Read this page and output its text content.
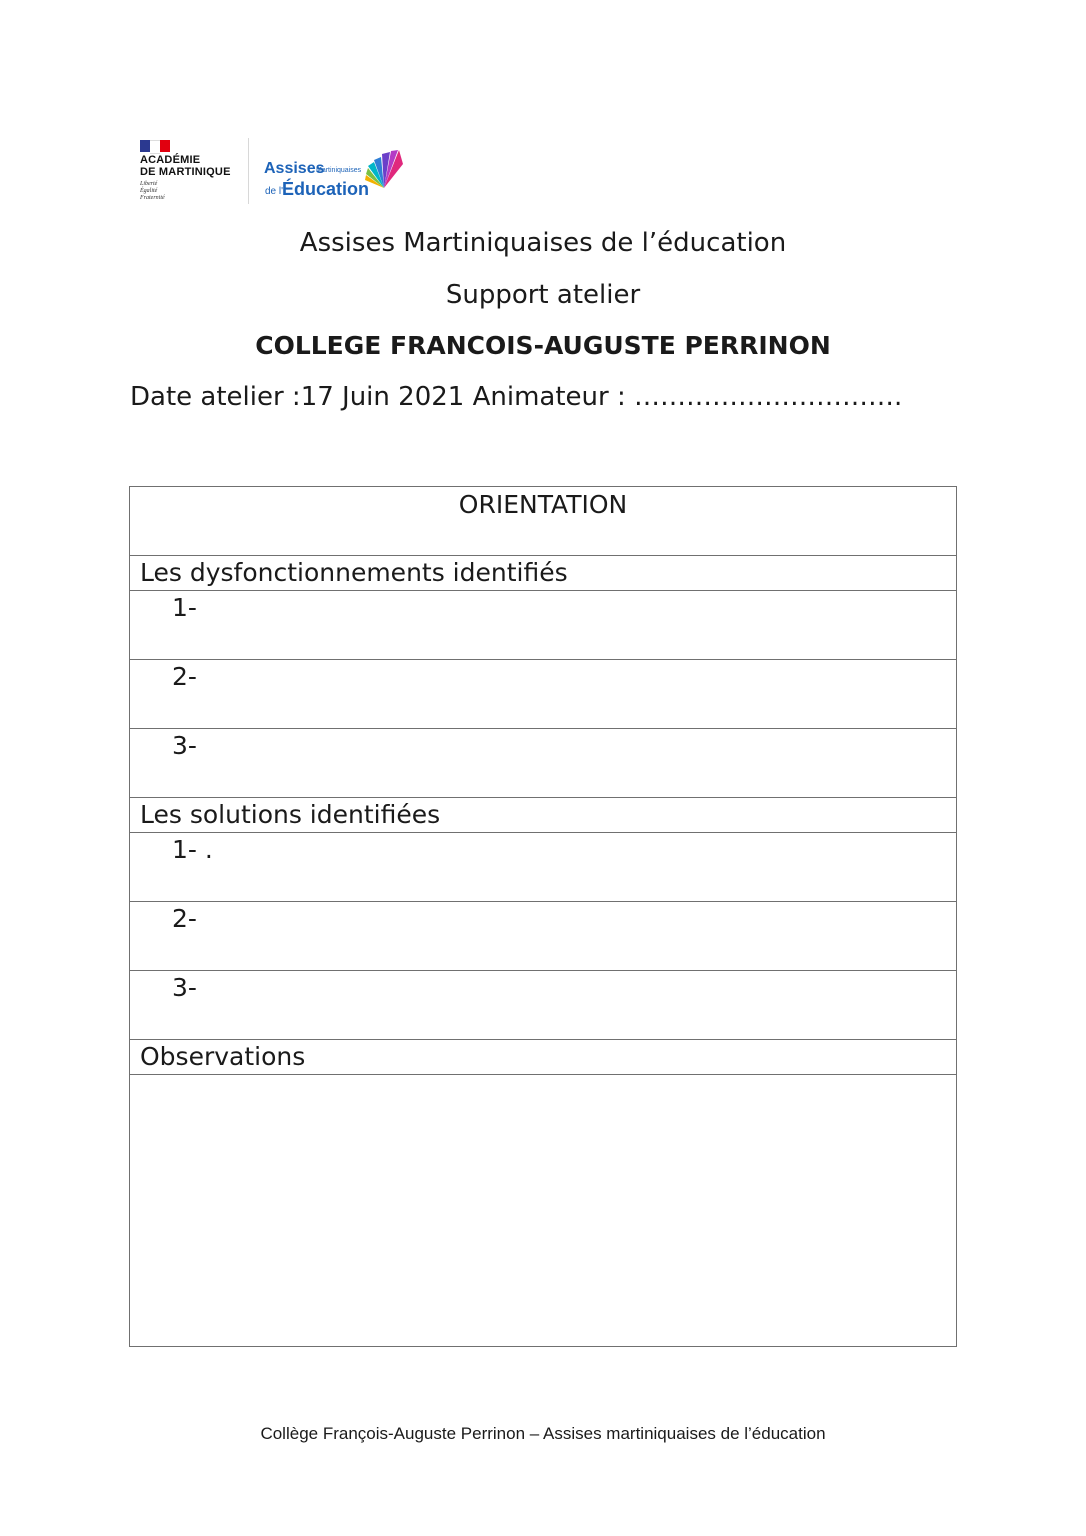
ACADÉMIE
DE MARTINIQUE
Liberté
Égalité
Fraternité
Assises
Martiniquaises
de l'
Éducation
Assises Martiniquaises de l’éducation
Support atelier
COLLEGE FRANCOIS-AUGUSTE PERRINON
Date atelier :17 Juin 2021 Animateur : ………………………….
ORIENTATION

Les dysfonctionnements identifiés

1-

2-

3-

Les solutions identifiées

1- .

2-

3-

Observations

Collège François-Auguste Perrinon – Assises martiniquaises de l’éducation
